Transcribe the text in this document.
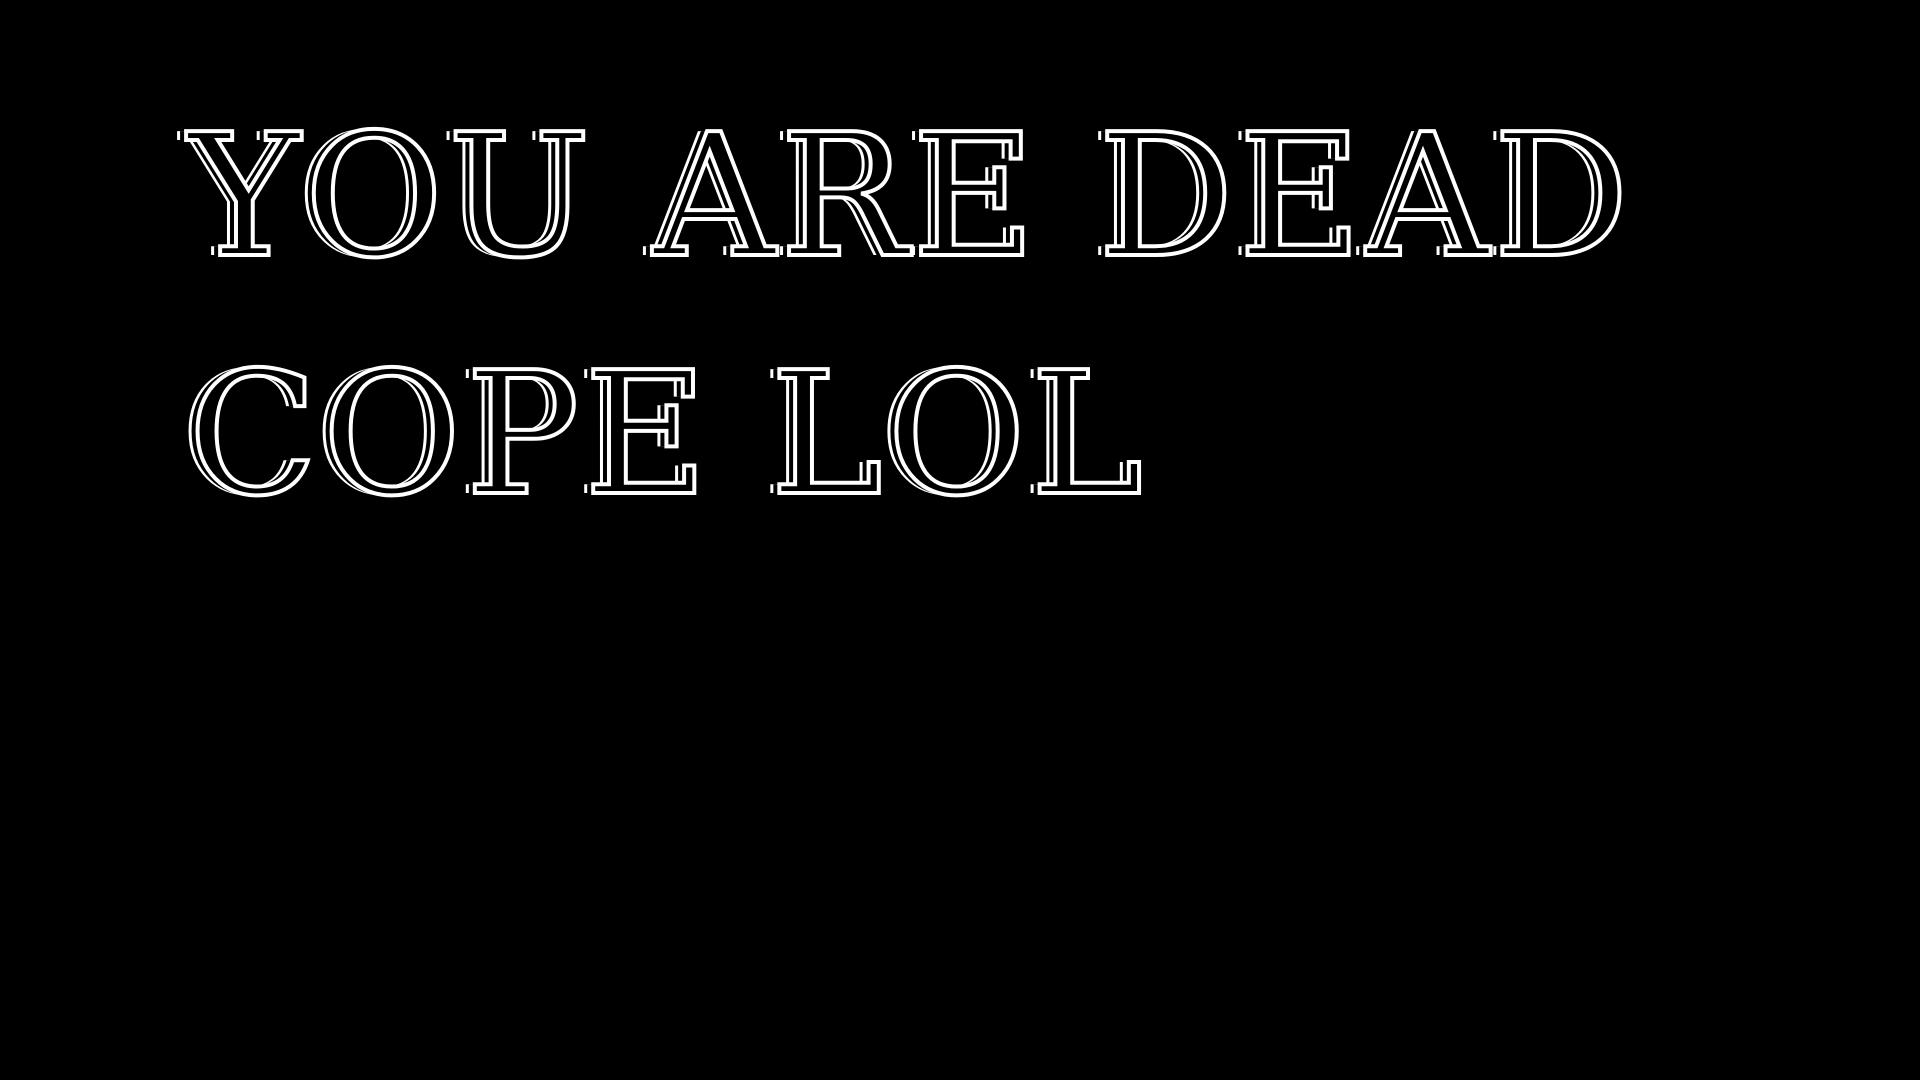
YOU ARE DEAD
COPE LOL
